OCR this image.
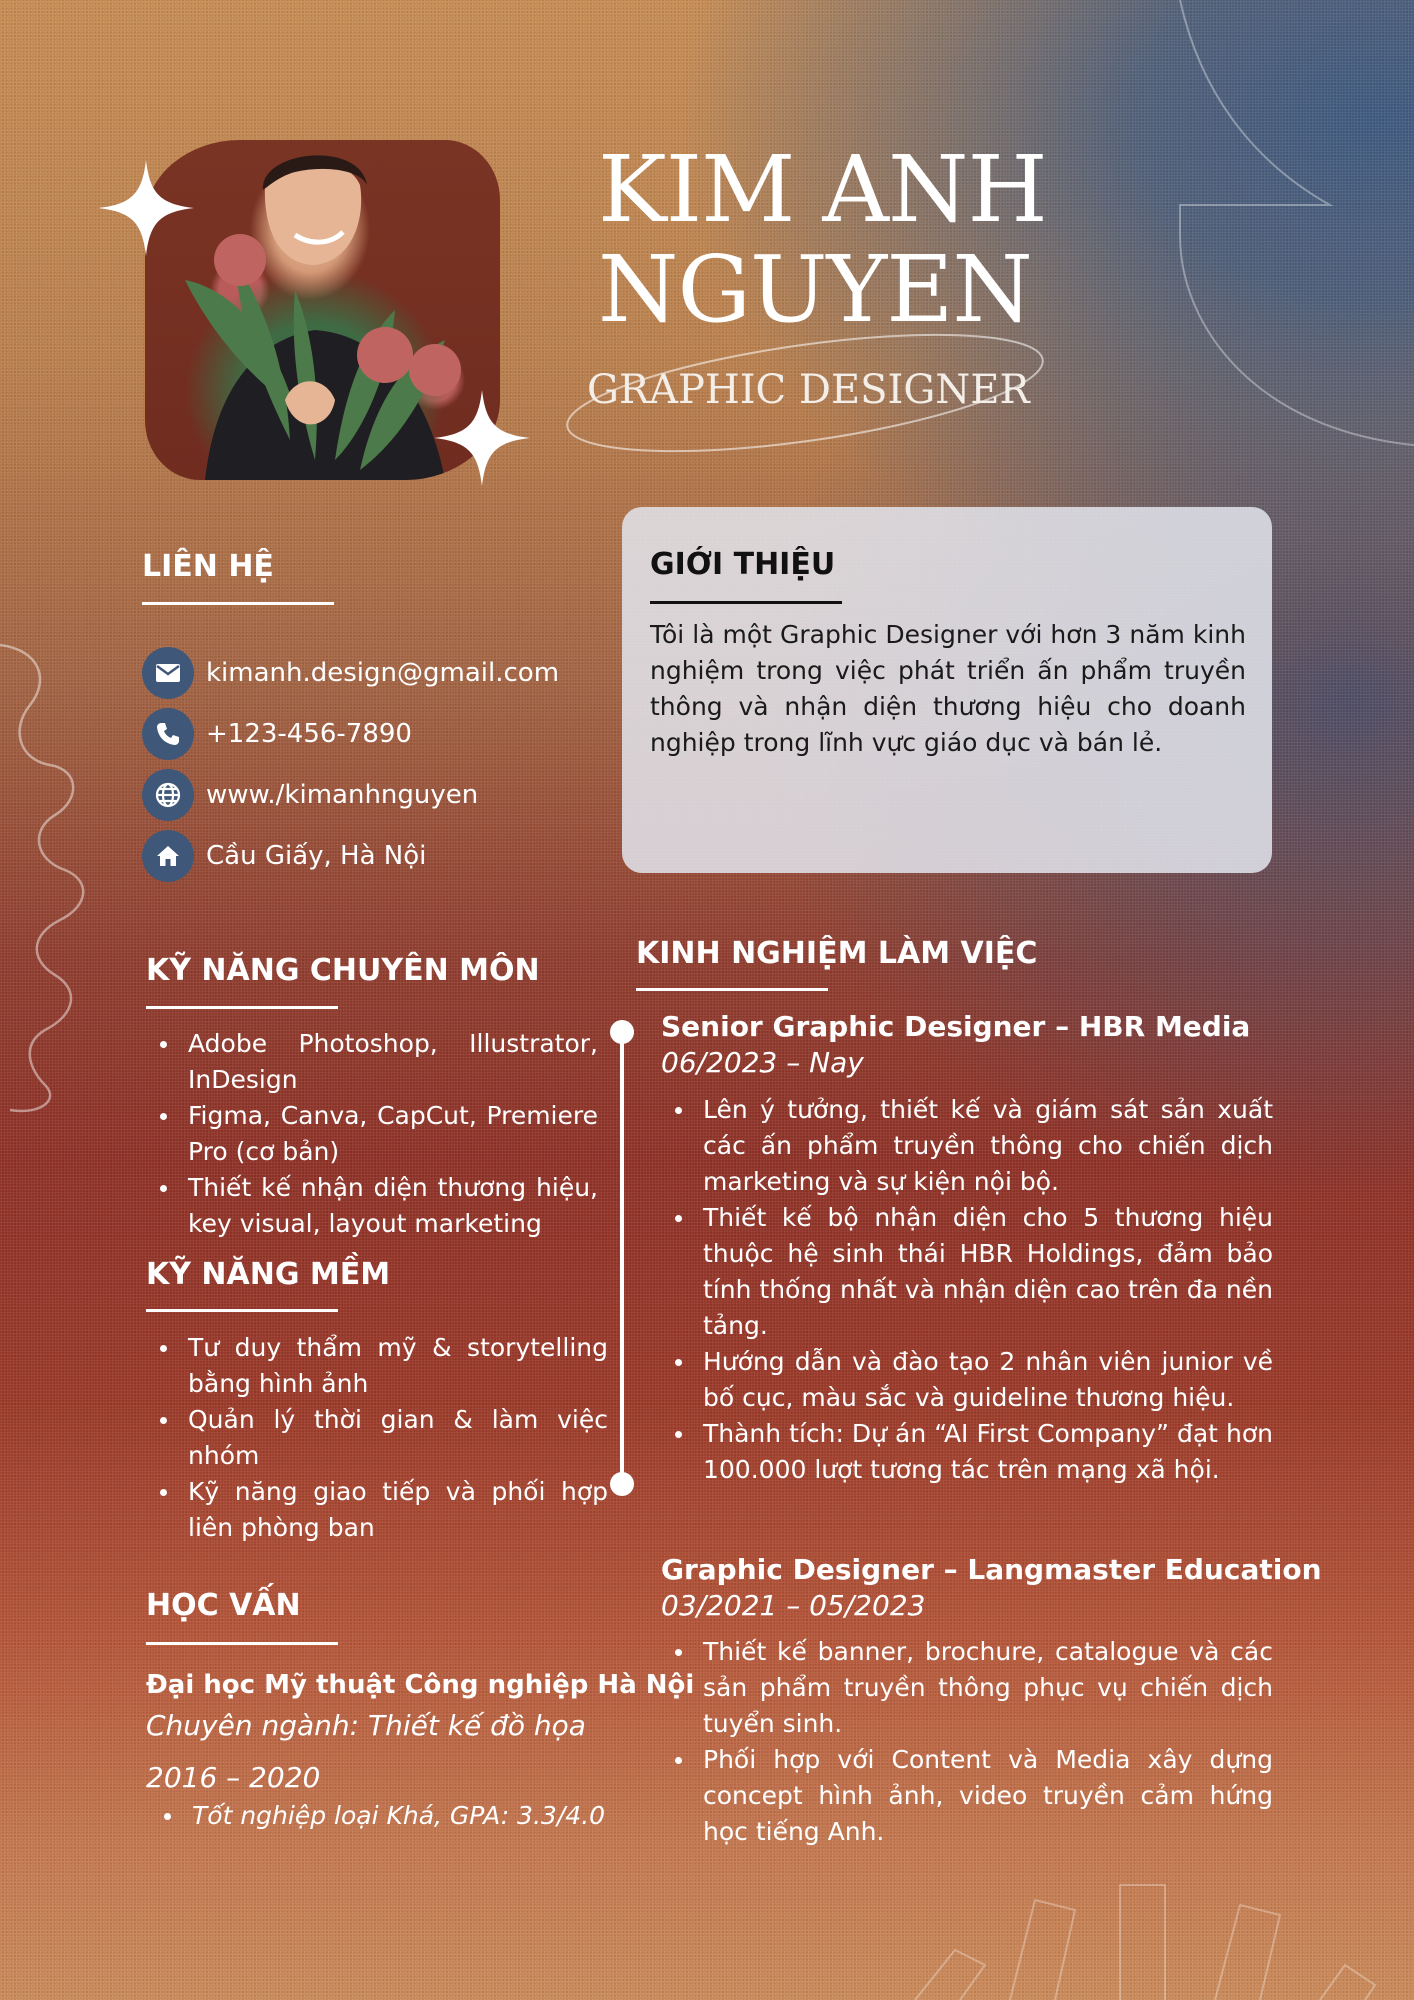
KIM ANH
NGUYEN
GRAPHIC DESIGNER
LIÊN HỆ
kimanh.design@gmail.com
+123-456-7890
www./kimanhnguyen
Cầu Giấy, Hà Nội
GIỚI THIỆU

Tôi là một Graphic Designer với hơn 3 năm kinh nghiệm trong việc phát triển ấn phẩm truyền thông và nhận diện thương hiệu cho doanh nghiệp trong lĩnh vực giáo dục và bán lẻ.

KỸ NĂNG CHUYÊN MÔN
Adobe Photoshop, Illustrator, InDesign
Figma, Canva, CapCut, Premiere Pro (cơ bản)
Thiết kế nhận diện thương hiệu, key visual, layout marketing
KỸ NĂNG MỀM
Tư duy thẩm mỹ & storytelling bằng hình ảnh
Quản lý thời gian & làm việc nhóm
Kỹ năng giao tiếp và phối hợp liên phòng ban
HỌC VẤN
Đại học Mỹ thuật Công nghiệp Hà Nội
Chuyên ngành: Thiết kế đồ họa
2016 – 2020
Tốt nghiệp loại Khá, GPA: 3.3/4.0
KINH NGHIỆM LÀM VIỆC
Senior Graphic Designer – HBR Media
06/2023 – Nay
Lên ý tưởng, thiết kế và giám sát sản xuất các ấn phẩm truyền thông cho chiến dịch marketing và sự kiện nội bộ.
Thiết kế bộ nhận diện cho 5 thương hiệu thuộc hệ sinh thái HBR Holdings, đảm bảo tính thống nhất và nhận diện cao trên đa nền tảng.
Hướng dẫn và đào tạo 2 nhân viên junior về bố cục, màu sắc và guideline thương hiệu.
Thành tích: Dự án “AI First Company” đạt hơn 100.000 lượt tương tác trên mạng xã hội.
Graphic Designer – Langmaster Education
03/2021 – 05/2023
Thiết kế banner, brochure, catalogue và các sản phẩm truyền thông phục vụ chiến dịch tuyển sinh.
Phối hợp với Content và Media xây dựng concept hình ảnh, video truyền cảm hứng học tiếng Anh.
